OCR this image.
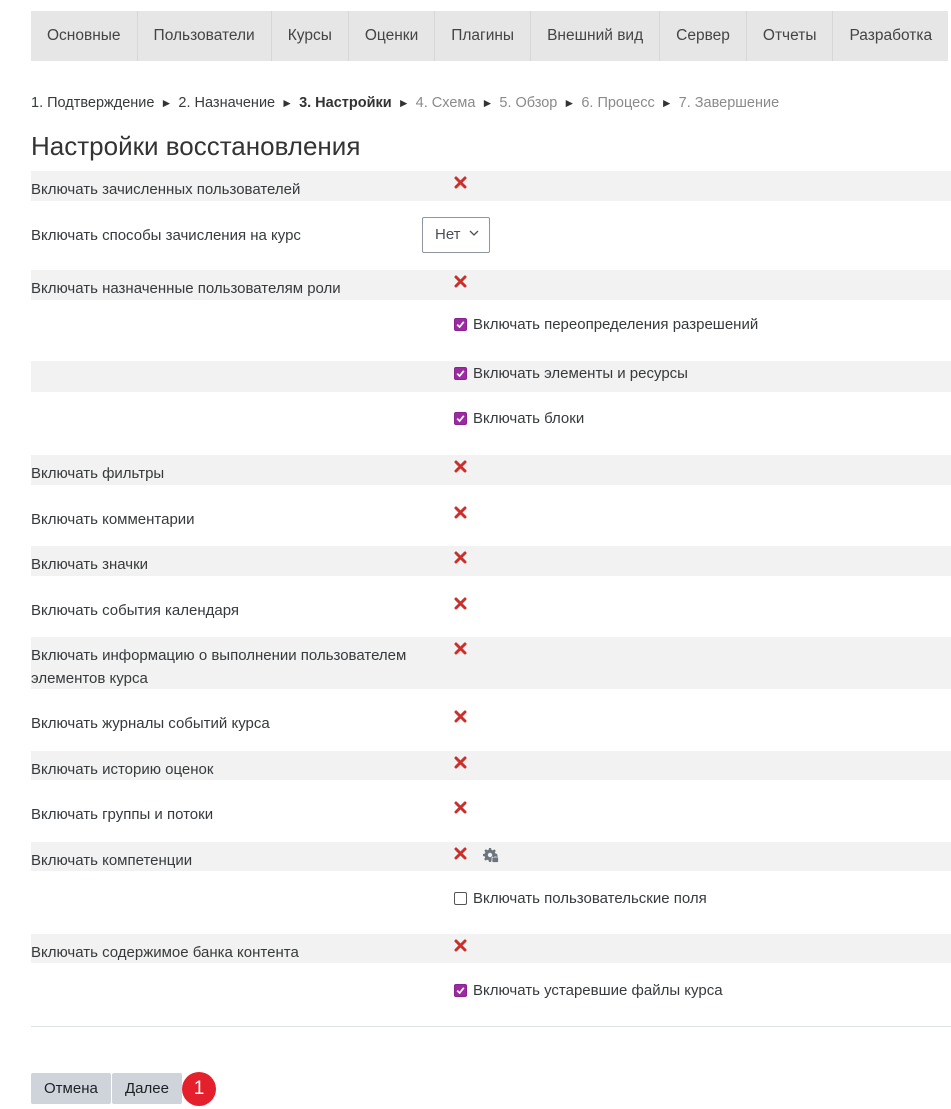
Основные	Пользователи	Курсы	Оценки	Плагины	Внешний вид	Сервер	Отчеты	Разработка
1. Подтверждение ► 2. Назначение ► 3. Настройки ► 4. Схема ► 5. Обзор ► 6. Процесс ► 7. Завершение
Настройки восстановления
Включать зачисленных пользователей
Включать способы зачисления на курс	Нет
Включать назначенные пользователям роли
Включать переопределения разрешений
Включать элементы и ресурсы
Включать блоки
Включать фильтры
Включать комментарии
Включать значки
Включать события календаря
Включать информацию о выполнении пользователем элементов курса
Включать журналы событий курса
Включать историю оценок
Включать группы и потоки
Включать компетенции
Включать пользовательские поля
Включать содержимое банка контента
Включать устаревшие файлы курса
Отмена	Далее	1
